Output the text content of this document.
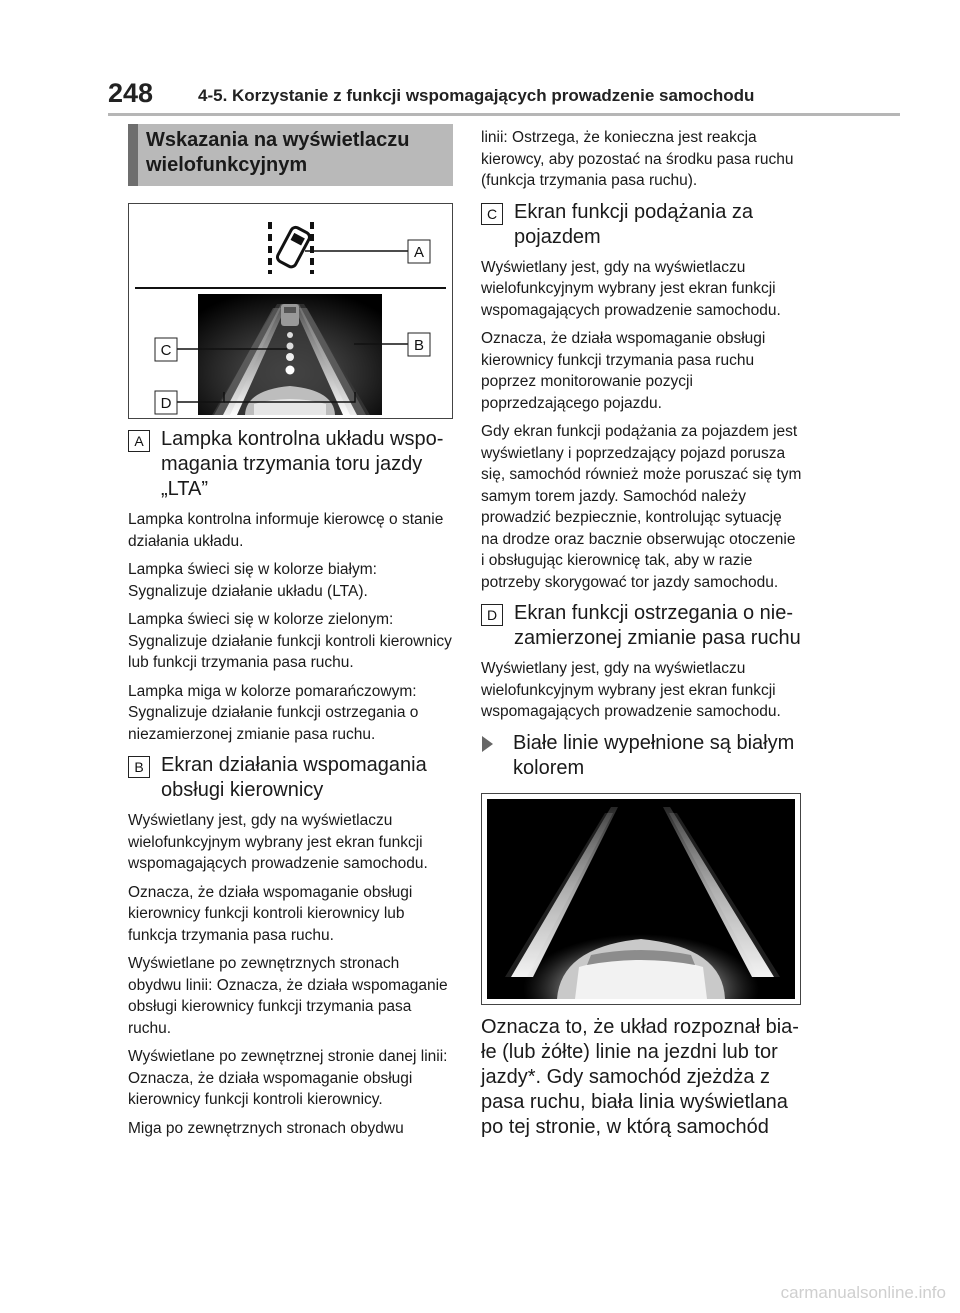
248	4-5. Korzystanie z funkcji wspomagających prowadzenie samochodu
Wskazania na wyświetlaczu
wielofunkcyjnym
A
C	B
D
A Lampka kontrolna układu wspomagania trzymania toru jazdy „LTA”

Lampka kontrolna informuje kierowcę o stanie działania układu.

Lampka świeci się w kolorze białym: Sygnalizuje działanie układu (LTA).

Lampka świeci się w kolorze zielonym: Sygnalizuje działanie funkcji kontroli kierownicy lub funkcji trzymania pasa ruchu.

Lampka miga w kolorze pomarańczowym: Sygnalizuje działanie funkcji ostrzegania o niezamierzonej zmianie pasa ruchu.

B Ekran działania wspomagania obsługi kierownicy

Wyświetlany jest, gdy na wyświetlaczu wielofunkcyjnym wybrany jest ekran funkcji wspomagających prowadzenie samochodu.

Oznacza, że działa wspomaganie obsługi kierownicy funkcji kontroli kierownicy lub funkcja trzymania pasa ruchu.

Wyświetlane po zewnętrznych stronach obydwu linii: Oznacza, że działa wspomaganie obsługi kierownicy funkcji trzymania pasa ruchu.

Wyświetlane po zewnętrznej stronie danej linii: Oznacza, że działa wspomaganie obsługi kierownicy funkcji kontroli kierownicy.

Miga po zewnętrznych stronach obydwu

linii: Ostrzega, że konieczna jest reakcja kierowcy, aby pozostać na środku pasa ruchu (funkcja trzymania pasa ruchu).

C Ekran funkcji podążania za pojazdem

Wyświetlany jest, gdy na wyświetlaczu wielofunkcyjnym wybrany jest ekran funkcji wspomagających prowadzenie samochodu.

Oznacza, że działa wspomaganie obsługi kierownicy funkcji trzymania pasa ruchu poprzez monitorowanie pozycji poprzedzającego pojazdu.

Gdy ekran funkcji podążania za pojazdem jest wyświetlany i poprzedzający pojazd porusza się, samochód również może poruszać się tym samym torem jazdy. Samochód należy prowadzić bezpiecznie, kontrolując sytuację na drodze oraz bacznie obserwując otoczenie i obsługując kierownicę tak, aby w razie potrzeby skorygować tor jazdy samochodu.

D Ekran funkcji ostrzegania o niezamierzonej zmianie pasa ruchu

Wyświetlany jest, gdy na wyświetlaczu wielofunkcyjnym wybrany jest ekran funkcji wspomagających prowadzenie samochodu.

Białe linie wypełnione są białym kolorem

Oznacza to, że układ rozpoznał białe (lub żółte) linie na jezdni lub tor jazdy*. Gdy samochód zjeżdża z pasa ruchu, biała linia wyświetlana po tej stronie, w którą samochód

carmanualsonline.info
